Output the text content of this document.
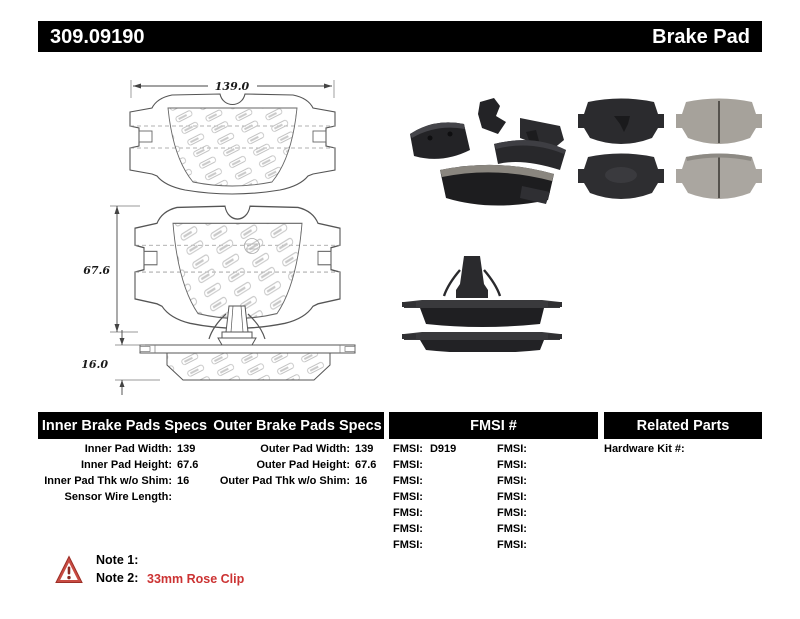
309.09190	Brake Pad
139.0
67.6
16.0
Inner Brake Pads Specs Outer Brake Pads Specs	FMSI #	Related Parts
Inner Pad Width: 139
Inner Pad Height: 67.6
Inner Pad Thk w/o Shim: 16
Sensor Wire Length:
Outer Pad Width: 139
Outer Pad Height: 67.6
Outer Pad Thk w/o Shim: 16
FMSI: D919
FMSI:
FMSI:
FMSI:
FMSI:
FMSI:
FMSI:
FMSI:
FMSI:
FMSI:
FMSI:
FMSI:
FMSI:
FMSI:
Hardware Kit #:
Note 1:
Note 2: 33mm Rose Clip
